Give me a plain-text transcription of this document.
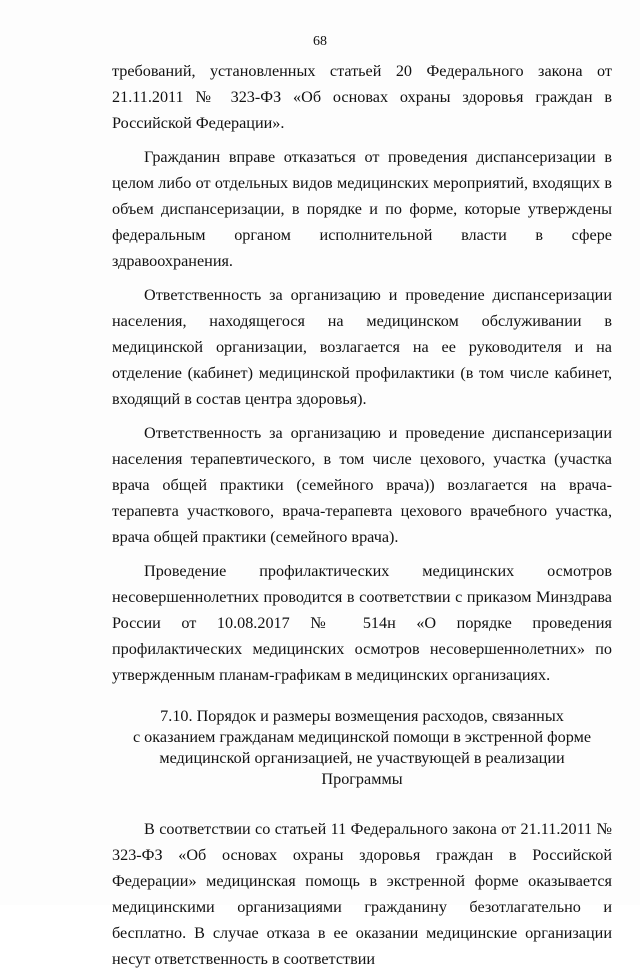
68

требований, установленных статьей 20 Федерального закона от 21.11.2011 № 323-ФЗ «Об основах охраны здоровья граждан в Российской Федерации».

Гражданин вправе отказаться от проведения диспансеризации в целом либо от отдельных видов медицинских мероприятий, входящих в объем диспансеризации, в порядке и по форме, которые утверждены федеральным органом исполнительной власти в сфере здравоохранения.

Ответственность за организацию и проведение диспансеризации населения, находящегося на медицинском обслуживании в медицинской организации, возлагается на ее руководителя и на отделение (кабинет) медицинской профилактики (в том числе кабинет, входящий в состав центра здоровья).

Ответственность за организацию и проведение диспансеризации населения терапевтического, в том числе цехового, участка (участка врача общей практики (семейного врача)) возлагается на врача-терапевта участкового, врача-терапевта цехового врачебного участка, врача общей практики (семейного врача).

Проведение профилактических медицинских осмотров несовершеннолетних проводится в соответствии с приказом Минздрава России от 10.08.2017 № 514н «О порядке проведения профилактических медицинских осмотров несовершеннолетних» по утвержденным планам-графикам в медицинских организациях.

7.10. Порядок и размеры возмещения расходов, связанных
с оказанием гражданам медицинской помощи в экстренной форме
медицинской организацией, не участвующей в реализации
Программы

В соответствии со статьей 11 Федерального закона от 21.11.2011 № 323-ФЗ «Об основах охраны здоровья граждан в Российской Федерации» медицинская помощь в экстренной форме оказывается медицинскими организациями гражданину безотлагательно и бесплатно. В случае отказа в ее оказании медицинские организации несут ответственность в соответствии
